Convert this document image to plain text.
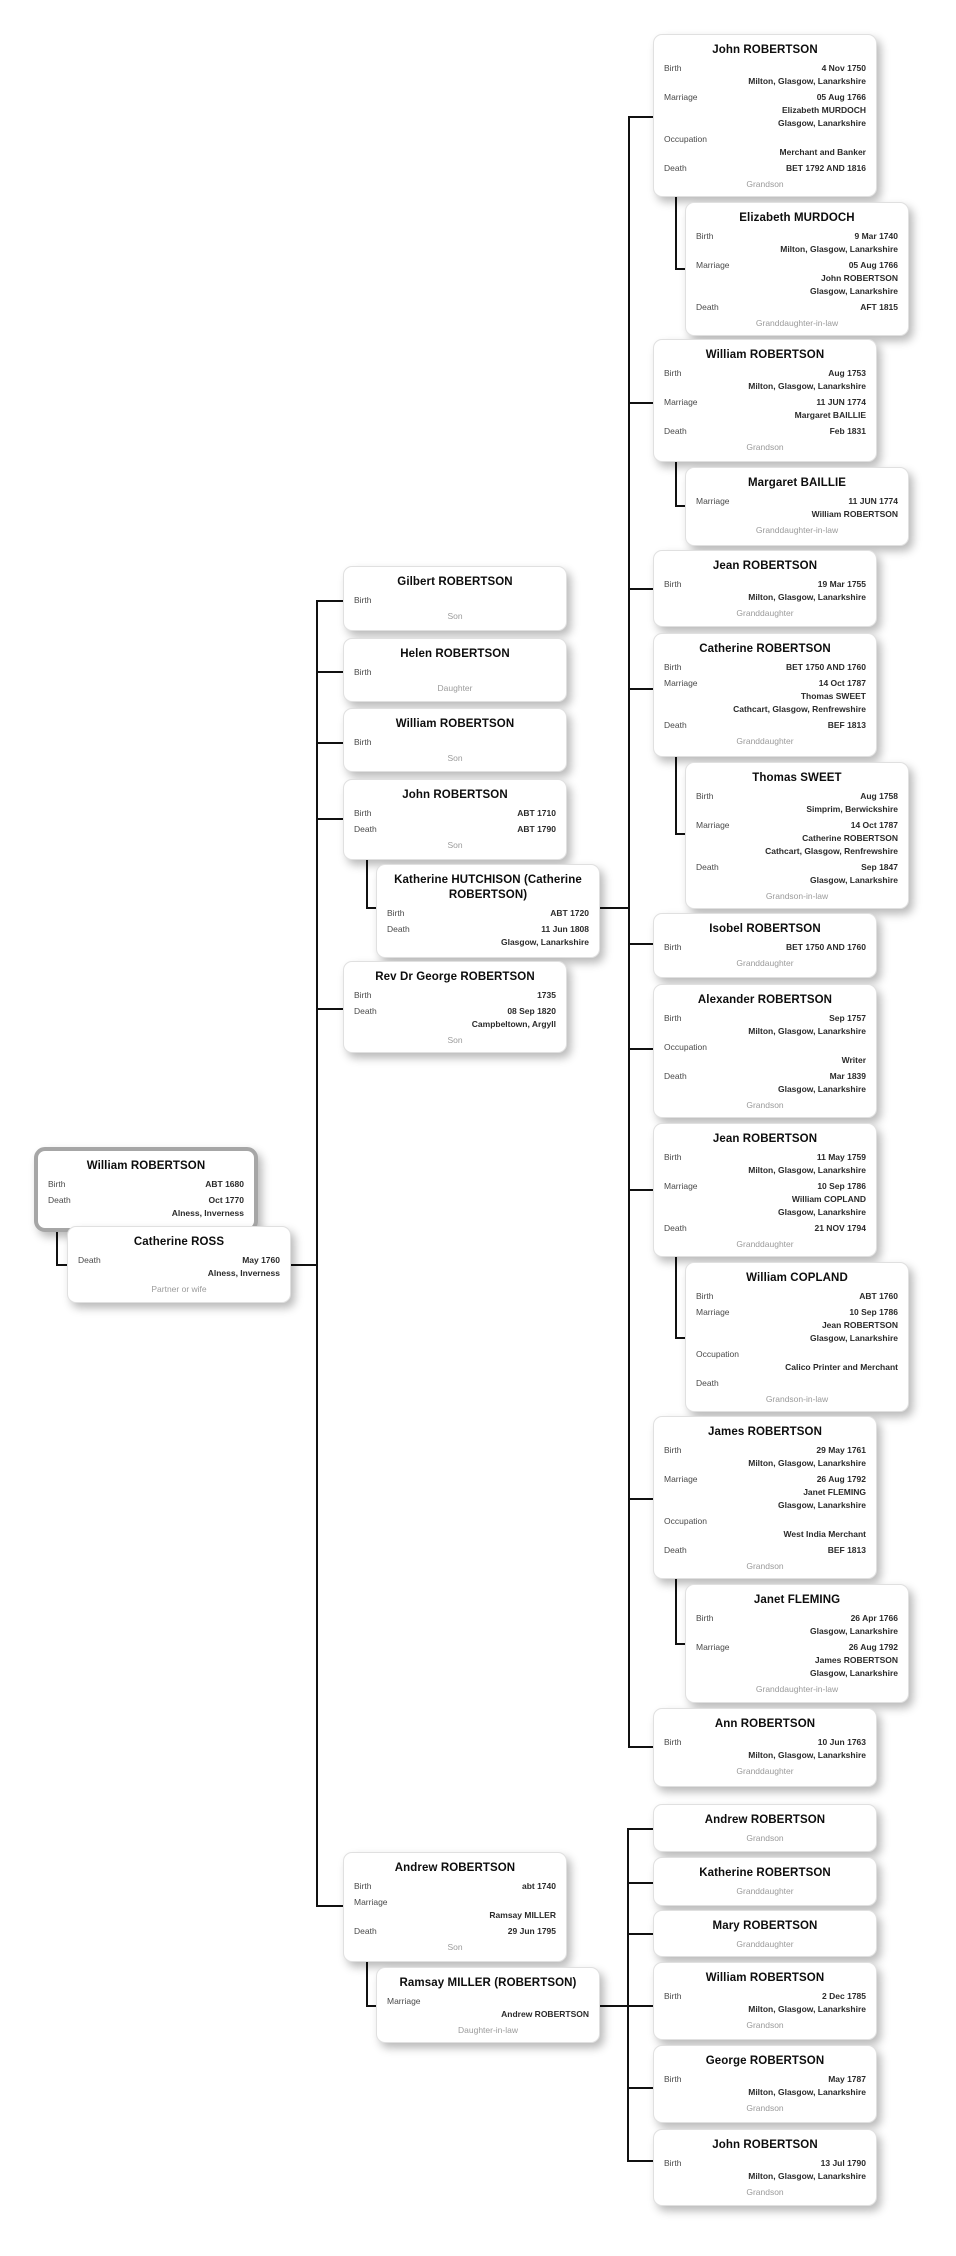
William ROBERTSON
Birth	ABT 1680
Death	Oct 1770
Alness, Inverness
Catherine ROSS
Death	May 1760
Alness, Inverness
Partner or wife
Gilbert ROBERTSON
Birth
Son
Helen ROBERTSON
Birth
Daughter
William ROBERTSON
Birth
Son
John ROBERTSON
Birth	ABT 1710
Death	ABT 1790
Son
Katherine HUTCHISON (Catherine ROBERTSON)
Birth	ABT 1720
Death	11 Jun 1808
Glasgow, Lanarkshire
Rev Dr George ROBERTSON
Birth	1735
Death	08 Sep 1820
Campbeltown, Argyll
Son
Andrew ROBERTSON
Birth	abt 1740
Marriage
Ramsay MILLER
Death	29 Jun 1795
Son
Ramsay MILLER (ROBERTSON)
Marriage
Andrew ROBERTSON
Daughter-in-law
John ROBERTSON
Birth	4 Nov 1750
Milton, Glasgow, Lanarkshire
Marriage	05 Aug 1766
Elizabeth MURDOCH
Glasgow, Lanarkshire
Occupation
Merchant and Banker
Death	BET 1792 AND 1816
Grandson
Elizabeth MURDOCH
Birth	9 Mar 1740
Milton, Glasgow, Lanarkshire
Marriage	05 Aug 1766
John ROBERTSON
Glasgow, Lanarkshire
Death	AFT 1815
Granddaughter-in-law
William ROBERTSON
Birth	Aug 1753
Milton, Glasgow, Lanarkshire
Marriage	11 JUN 1774
Margaret BAILLIE
Death	Feb 1831
Grandson
Margaret BAILLIE
Marriage	11 JUN 1774
William ROBERTSON
Granddaughter-in-law
Jean ROBERTSON
Birth	19 Mar 1755
Milton, Glasgow, Lanarkshire
Granddaughter
Catherine ROBERTSON
Birth	BET 1750 AND 1760
Marriage	14 Oct 1787
Thomas SWEET
Cathcart, Glasgow, Renfrewshire
Death	BEF 1813
Granddaughter
Thomas SWEET
Birth	Aug 1758
Simprim, Berwickshire
Marriage	14 Oct 1787
Catherine ROBERTSON
Cathcart, Glasgow, Renfrewshire
Death	Sep 1847
Glasgow, Lanarkshire
Grandson-in-law
Isobel ROBERTSON
Birth	BET 1750 AND 1760
Granddaughter
Alexander ROBERTSON
Birth	Sep 1757
Milton, Glasgow, Lanarkshire
Occupation
Writer
Death	Mar 1839
Glasgow, Lanarkshire
Grandson
Jean ROBERTSON
Birth	11 May 1759
Milton, Glasgow, Lanarkshire
Marriage	10 Sep 1786
William COPLAND
Glasgow, Lanarkshire
Death	21 NOV 1794
Granddaughter
William COPLAND
Birth	ABT 1760
Marriage	10 Sep 1786
Jean ROBERTSON
Glasgow, Lanarkshire
Occupation
Calico Printer and Merchant
Death
Grandson-in-law
James ROBERTSON
Birth	29 May 1761
Milton, Glasgow, Lanarkshire
Marriage	26 Aug 1792
Janet FLEMING
Glasgow, Lanarkshire
Occupation
West India Merchant
Death	BEF 1813
Grandson
Janet FLEMING
Birth	26 Apr 1766
Glasgow, Lanarkshire
Marriage	26 Aug 1792
James ROBERTSON
Glasgow, Lanarkshire
Granddaughter-in-law
Ann ROBERTSON
Birth	10 Jun 1763
Milton, Glasgow, Lanarkshire
Granddaughter
Andrew ROBERTSON
Grandson
Katherine ROBERTSON
Granddaughter
Mary ROBERTSON
Granddaughter
William ROBERTSON
Birth	2 Dec 1785
Milton, Glasgow, Lanarkshire
Grandson
George ROBERTSON
Birth	May 1787
Milton, Glasgow, Lanarkshire
Grandson
John ROBERTSON
Birth	13 Jul 1790
Milton, Glasgow, Lanarkshire
Grandson
